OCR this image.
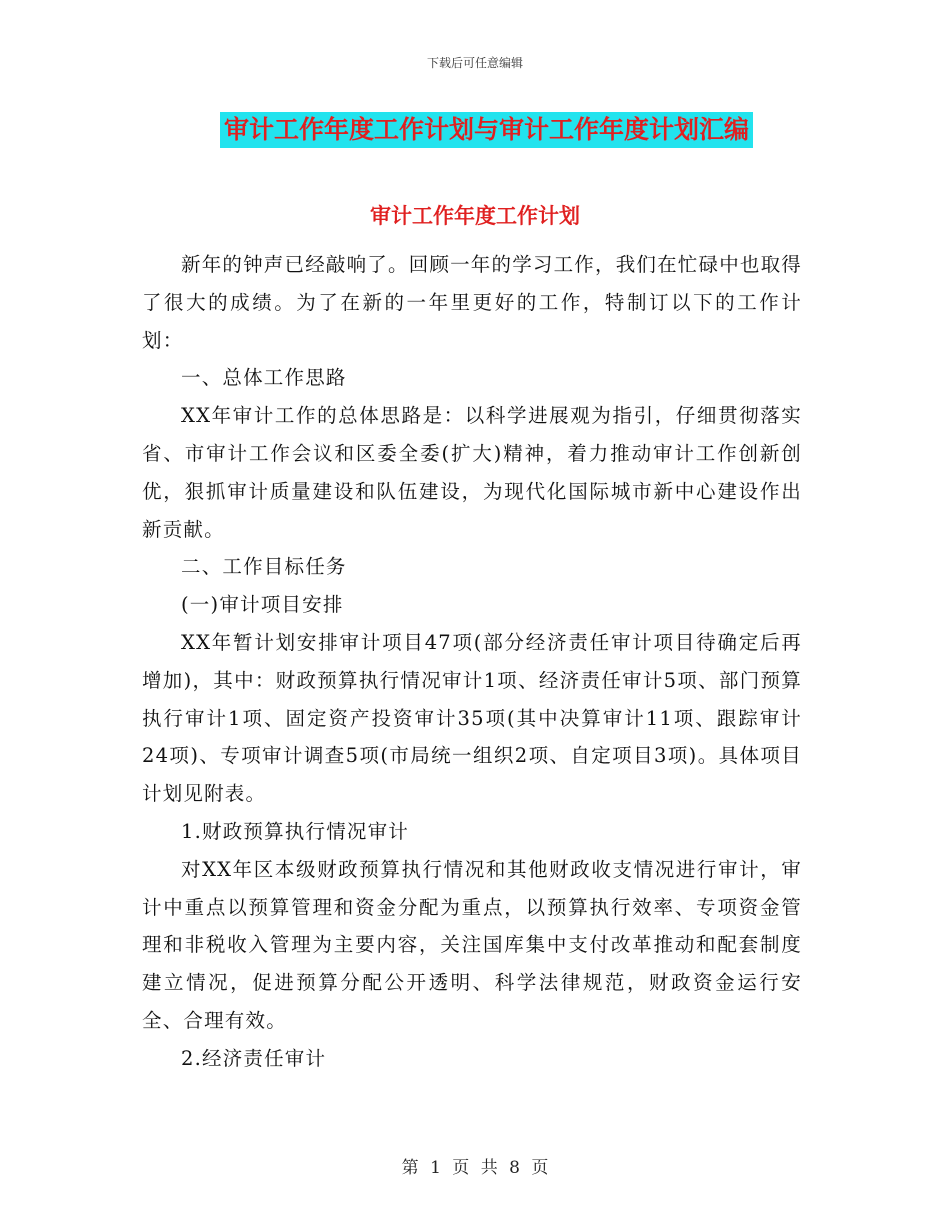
下载后可任意编辑
审计工作年度工作计划与审计工作年度计划汇编
审计工作年度工作计划

新年的钟声已经敲响了。回顾一年的学习工作，我们在忙碌中也取得了很大的成绩。为了在新的一年里更好的工作，特制订以下的工作计划：

一、总体工作思路

XX年审计工作的总体思路是：以科学进展观为指引，仔细贯彻落实省、市审计工作会议和区委全委(扩大)精神，着力推动审计工作创新创优，狠抓审计质量建设和队伍建设，为现代化国际城市新中心建设作出新贡献。

二、工作目标任务

(一)审计项目安排

XX年暂计划安排审计项目47项(部分经济责任审计项目待确定后再增加)，其中：财政预算执行情况审计1项、经济责任审计5项、部门预算执行审计1项、固定资产投资审计35项(其中决算审计11项、跟踪审计24项)、专项审计调查5项(市局统一组织2项、自定项目3项)。具体项目计划见附表。

1.财政预算执行情况审计

对XX年区本级财政预算执行情况和其他财政收支情况进行审计，审计中重点以预算管理和资金分配为重点，以预算执行效率、专项资金管理和非税收入管理为主要内容，关注国库集中支付改革推动和配套制度建立情况，促进预算分配公开透明、科学法律规范，财政资金运行安全、合理有效。

2.经济责任审计

第 1 页 共 8 页
